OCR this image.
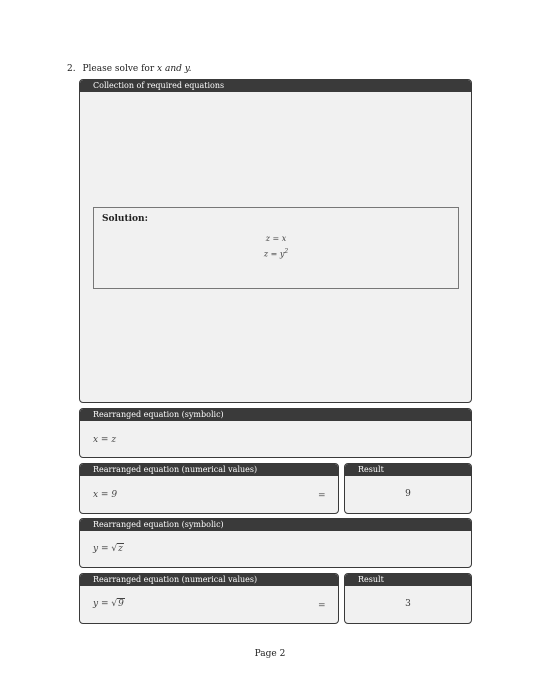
2. Please solve for x and y.
Collection of required equations
Solution:
z = x
$z = y^2$
Rearranged equation (symbolic)
x = z
Rearranged equation (numerical values)
x = 9	=
Result
9
Rearranged equation (symbolic)
y = √z
Rearranged equation (numerical values)
y = √9	=
Result
3
Page 2
